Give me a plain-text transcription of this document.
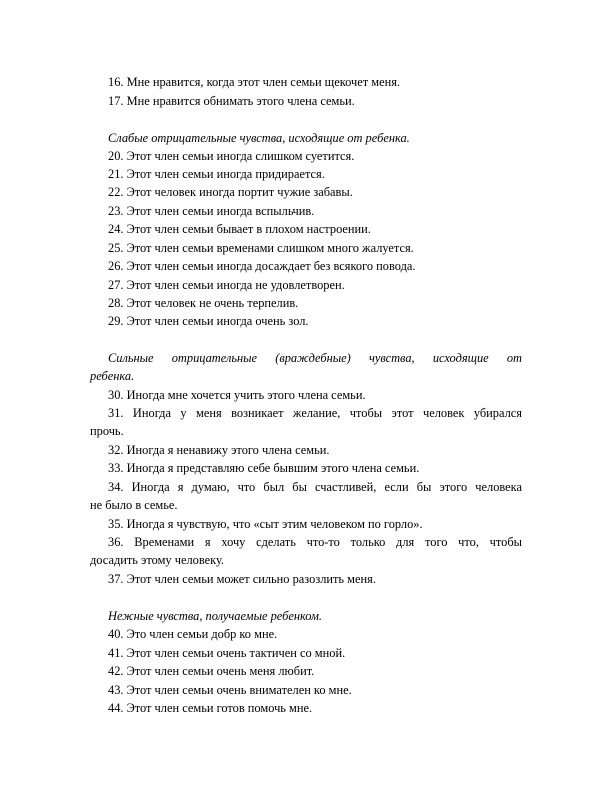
16. Мне нравится, когда этот член семьи щекочет меня.
17. Мне нравится обнимать этого члена семьи.
Слабые отрицательные чувства, исходящие от ребенка.
20. Этот член семьи иногда слишком суетится.
21. Этот член семьи иногда придирается.
22. Этот человек иногда портит чужие забавы.
23. Этот член семьи иногда вспыльчив.
24. Этот член семьи бывает в плохом настроении.
25. Этот член семьи временами слишком много жалуется.
26. Этот член семьи иногда досаждает без всякого повода.
27. Этот член семьи иногда не удовлетворен.
28. Этот человек не очень терпелив.
29. Этот член семьи иногда очень зол.
Сильные отрицательные (враждебные) чувства, исходящие от
ребенка.
30. Иногда мне хочется учить этого члена семьи.
31. Иногда у меня возникает желание, чтобы этот человек убирался
прочь.
32. Иногда я ненавижу этого члена семьи.
33. Иногда я представляю себе бывшим этого члена семьи.
34. Иногда я думаю, что был бы счастливей, если бы этого человека
не было в семье.
35. Иногда я чувствую, что «сыт этим человеком по горло».
36. Временами я хочу сделать что-то только для того что, чтобы
досадить этому человеку.
37. Этот член семьи может сильно разозлить меня.
Нежные чувства, получаемые ребенком.
40. Это член семьи добр ко мне.
41. Этот член семьи очень тактичен со мной.
42. Этот член семьи очень меня любит.
43. Этот член семьи очень внимателен ко мне.
44. Этот член семьи готов помочь мне.
